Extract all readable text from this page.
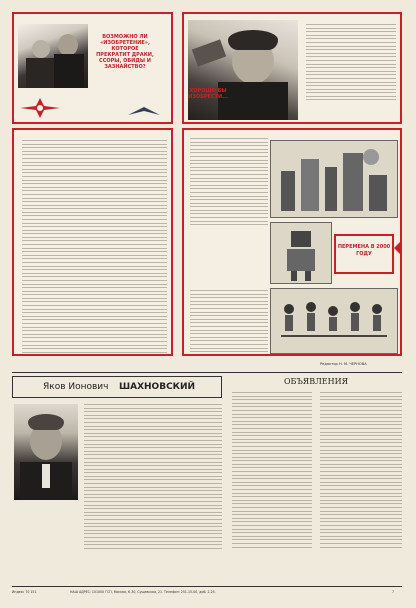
ВОЗМОЖНО ЛИ «ИЗОБРЕТЕНИЕ», КОТОРОЕ ПРЕКРАТИТ ДРАКИ, ССОРЫ, ОБИДЫ И ЗАЗНАЙСТВО?
ХОРОШО БЫ ИЗОБРЕСТИ...
ПЕРЕМЕНА В 2000 ГОДУ
Редактор Н. М. ЧЕРНОВА
Яков Ионович ШАХНОВСКИЙ
ОБЪЯВЛЕНИЯ
Индекс 70 151	НАШ АДРЕС: 101000 ГСП, Москва, К-30, Сущевская, 21. Телефон: 251-15-00, доб. 2-25.	7
